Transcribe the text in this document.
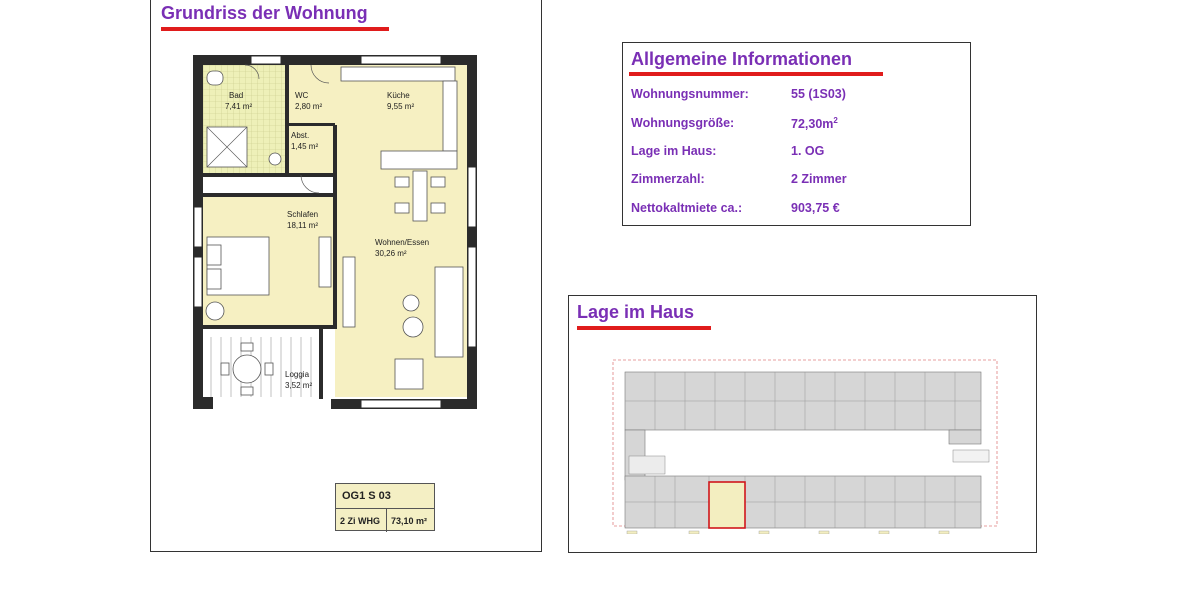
Grundriss der Wohnung
Bad
7,41 m²
WC
2,80 m²
Küche
9,55 m²
Abst.
1,45 m²
Schlafen
18,11 m²
Wohnen/Essen
30,26 m²
Loggia
3,52 m²
OG1 S 03
2 Zi WHG	73,10 m²
Allgemeine Informationen
Wohnungsnummer:	55 (1S03)
Wohnungsgröße:	$72,30m^2$
Lage im Haus:	1. OG
Zimmerzahl:	2 Zimmer
Nettokaltmiete ca.:	903,75 €
Lage im Haus
